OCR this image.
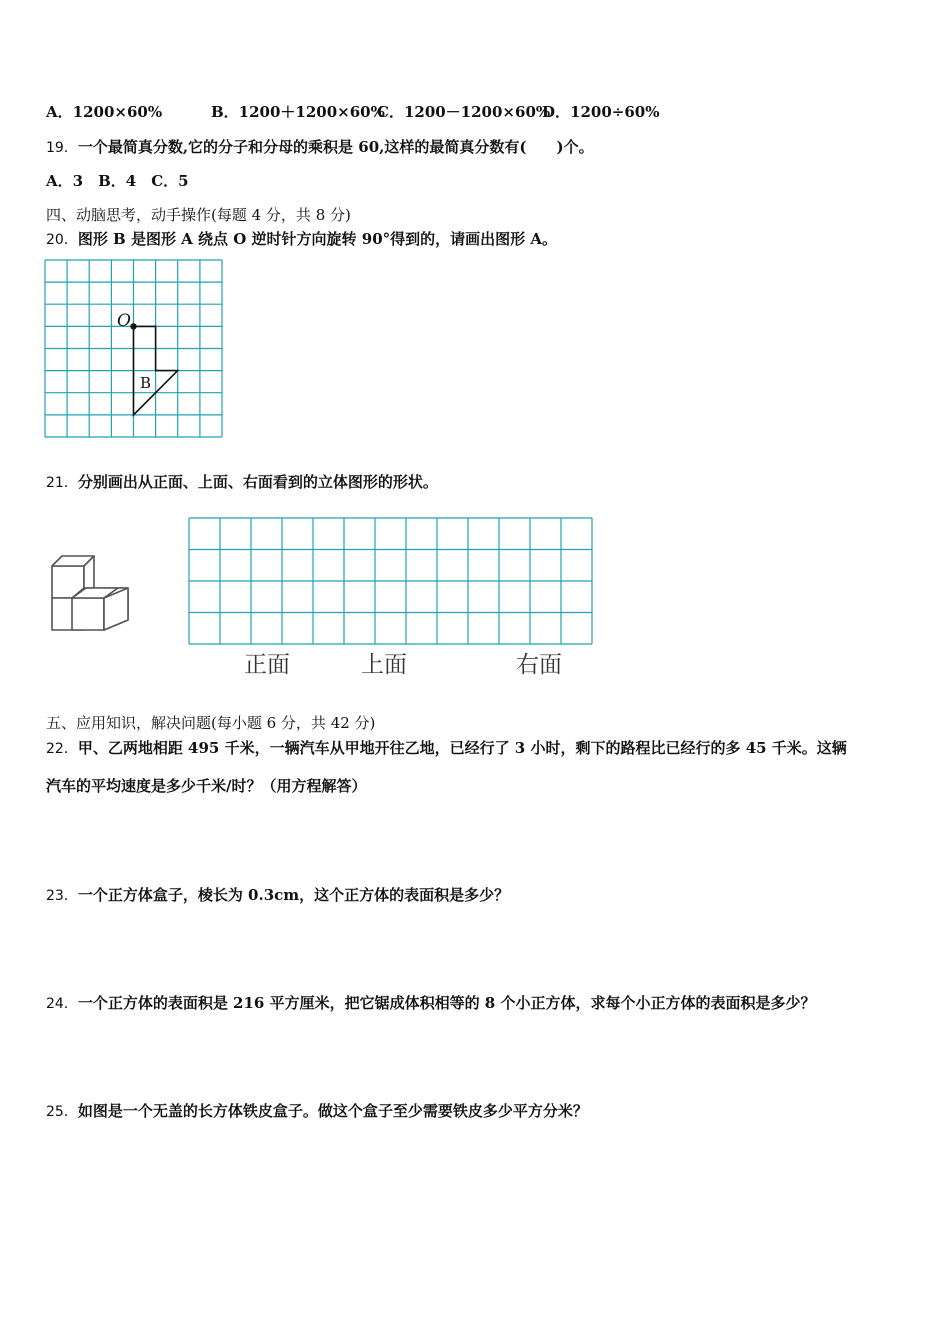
A．1200×60%	B．1200＋1200×60%C．1200－1200×60%D．1200÷60%
19．一个最简真分数,它的分子和分母的乘积是 60,这样的最简真分数有(　　)个。
A．3　B．4　C．5
四、动脑思考，动手操作(每题 4 分，共 8 分)
20．图形 B 是图形 A 绕点 O 逆时针方向旋转 90°得到的，请画出图形 A。
O
B
21．分别画出从正面、上面、右面看到的立体图形的形状。
正面	上面	右面
五、应用知识，解决问题(每小题 6 分，共 42 分)
22．甲、乙两地相距 495 千米，一辆汽车从甲地开往乙地，已经行了 3 小时，剩下的路程比已经行的多 45 千米。这辆
汽车的平均速度是多少千米/时？（用方程解答）
23．一个正方体盒子，棱长为 0.3cm，这个正方体的表面积是多少？
24．一个正方体的表面积是 216 平方厘米，把它锯成体积相等的 8 个小正方体，求每个小正方体的表面积是多少？
25．如图是一个无盖的长方体铁皮盒子。做这个盒子至少需要铁皮多少平方分米？
